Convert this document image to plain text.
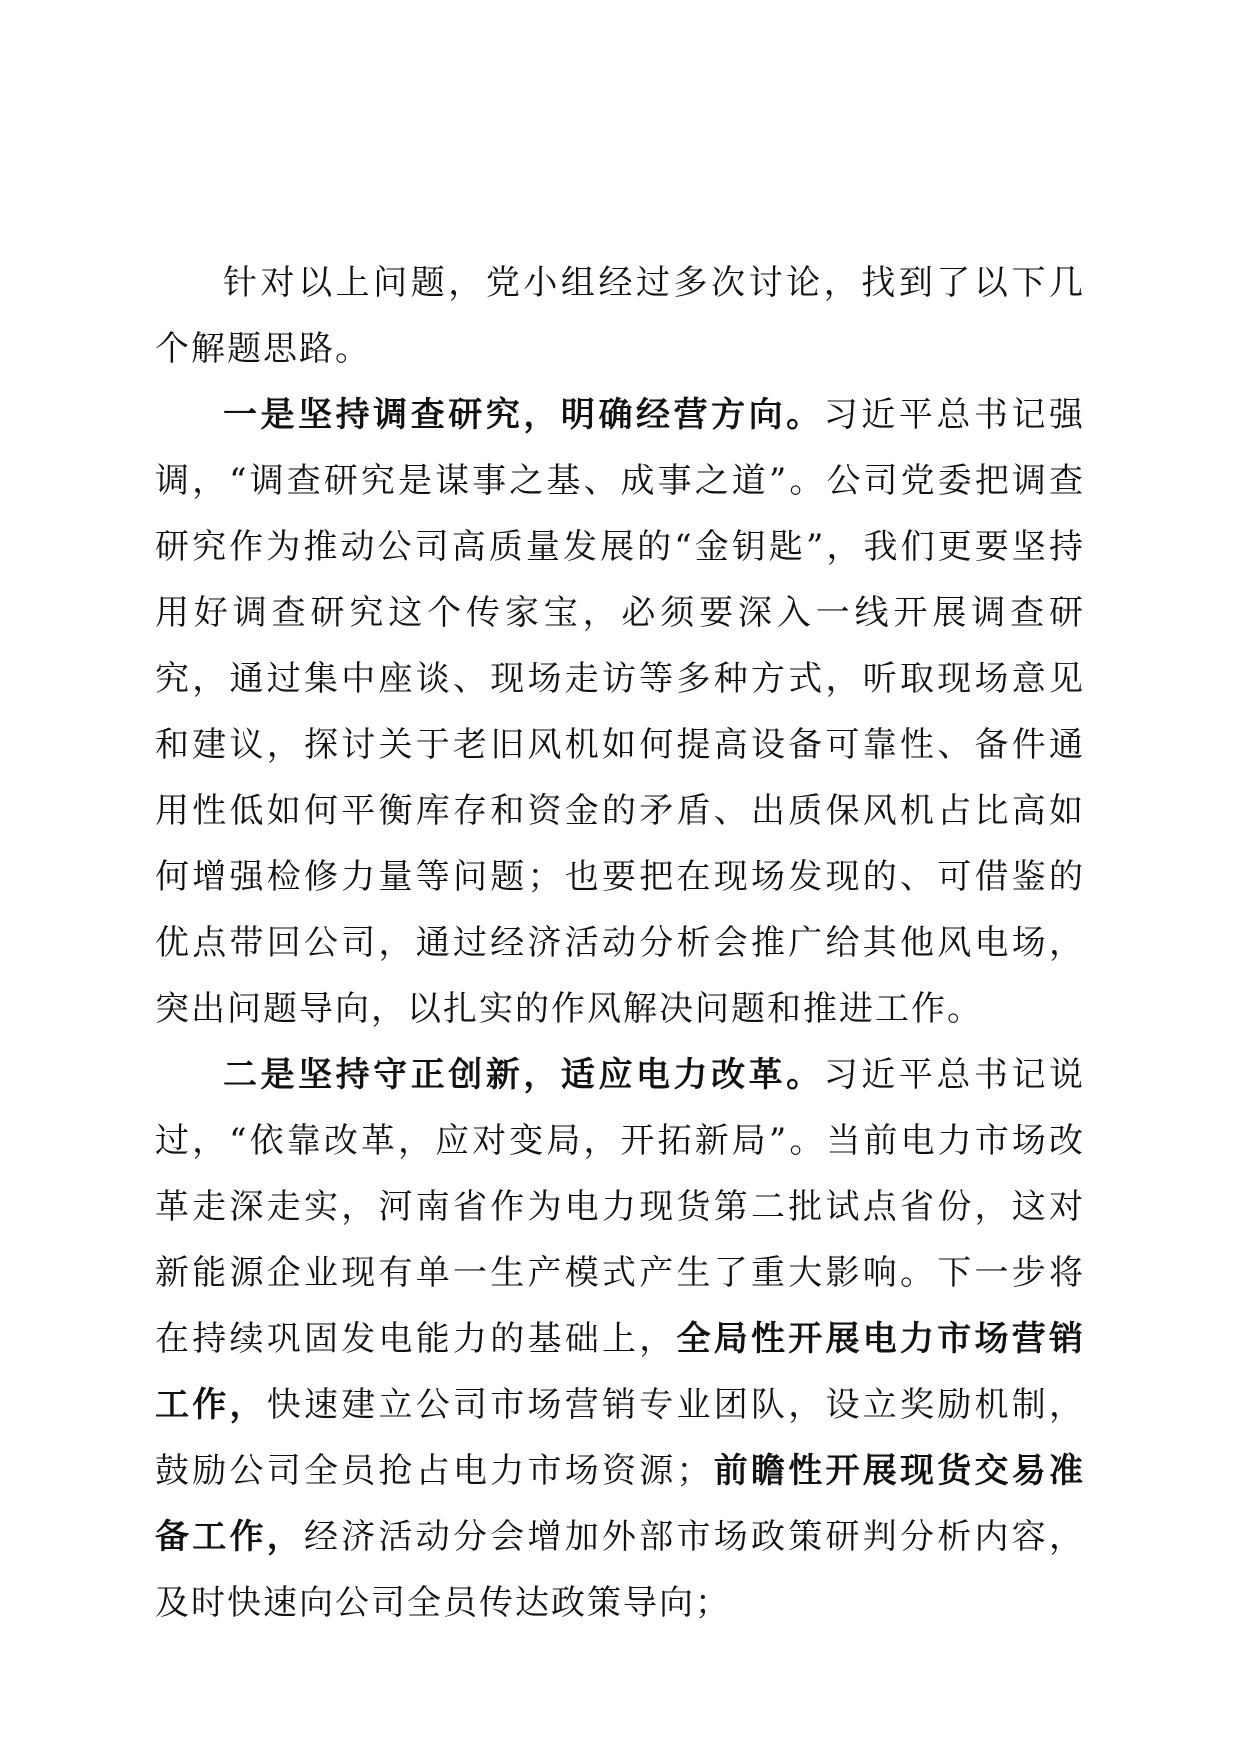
针对以上问题，党小组经过多次讨论，找到了以下几个解题思路。

一是坚持调查研究，明确经营方向。习近平总书记强调，“调查研究是谋事之基、成事之道”。公司党委把调查研究作为推动公司高质量发展的“金钥匙”，我们更要坚持用好调查研究这个传家宝，必须要深入一线开展调查研究，通过集中座谈、现场走访等多种方式，听取现场意见和建议，探讨关于老旧风机如何提高设备可靠性、备件通用性低如何平衡库存和资金的矛盾、出质保风机占比高如何增强检修力量等问题；也要把在现场发现的、可借鉴的优点带回公司，通过经济活动分析会推广给其他风电场，突出问题导向，以扎实的作风解决问题和推进工作。

二是坚持守正创新，适应电力改革。习近平总书记说过，“依靠改革，应对变局，开拓新局”。当前电力市场改革走深走实，河南省作为电力现货第二批试点省份，这对新能源企业现有单一生产模式产生了重大影响。下一步将在持续巩固发电能力的基础上，全局性开展电力市场营销工作，快速建立公司市场营销专业团队，设立奖励机制，鼓励公司全员抢占电力市场资源；前瞻性开展现货交易准备工作，经济活动分会增加外部市场政策研判分析内容，及时快速向公司全员传达政策导向；
